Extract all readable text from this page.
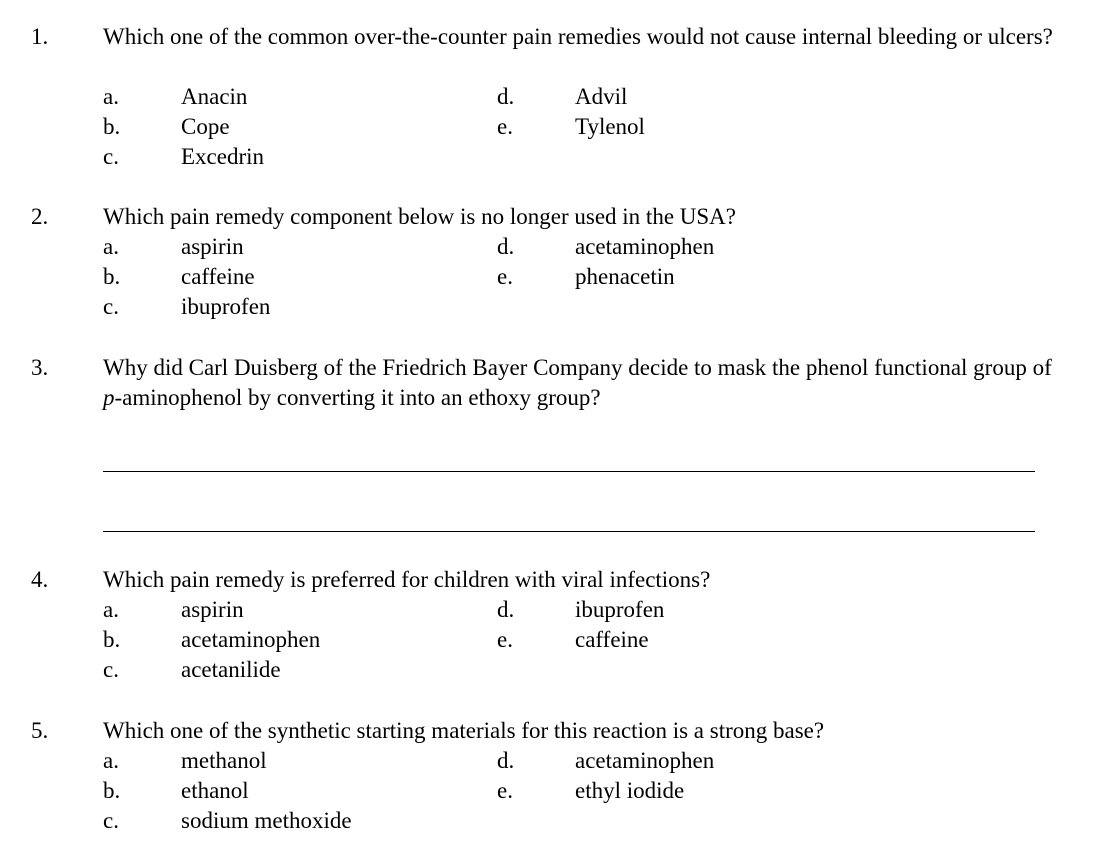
1. Which one of the common over-the-counter pain remedies would not cause internal bleeding or ulcers?
a.	Anacin
b.	Cope
c.	Excedrin
d.	Advil
e.	Tylenol
2. Which pain remedy component below is no longer used in the USA?
a.	aspirin
b.	caffeine
c.	ibuprofen
d.	acetaminophen
e.	phenacetin
3. Why did Carl Duisberg of the Friedrich Bayer Company decide to mask the phenol functional group of p-aminophenol by converting it into an ethoxy group?
4. Which pain remedy is preferred for children with viral infections?
a.	aspirin
b.	acetaminophen
c.	acetanilide
d.	ibuprofen
e.	caffeine
5. Which one of the synthetic starting materials for this reaction is a strong base?
a.	methanol
b.	ethanol
c.	sodium methoxide
d.	acetaminophen
e.	ethyl iodide
